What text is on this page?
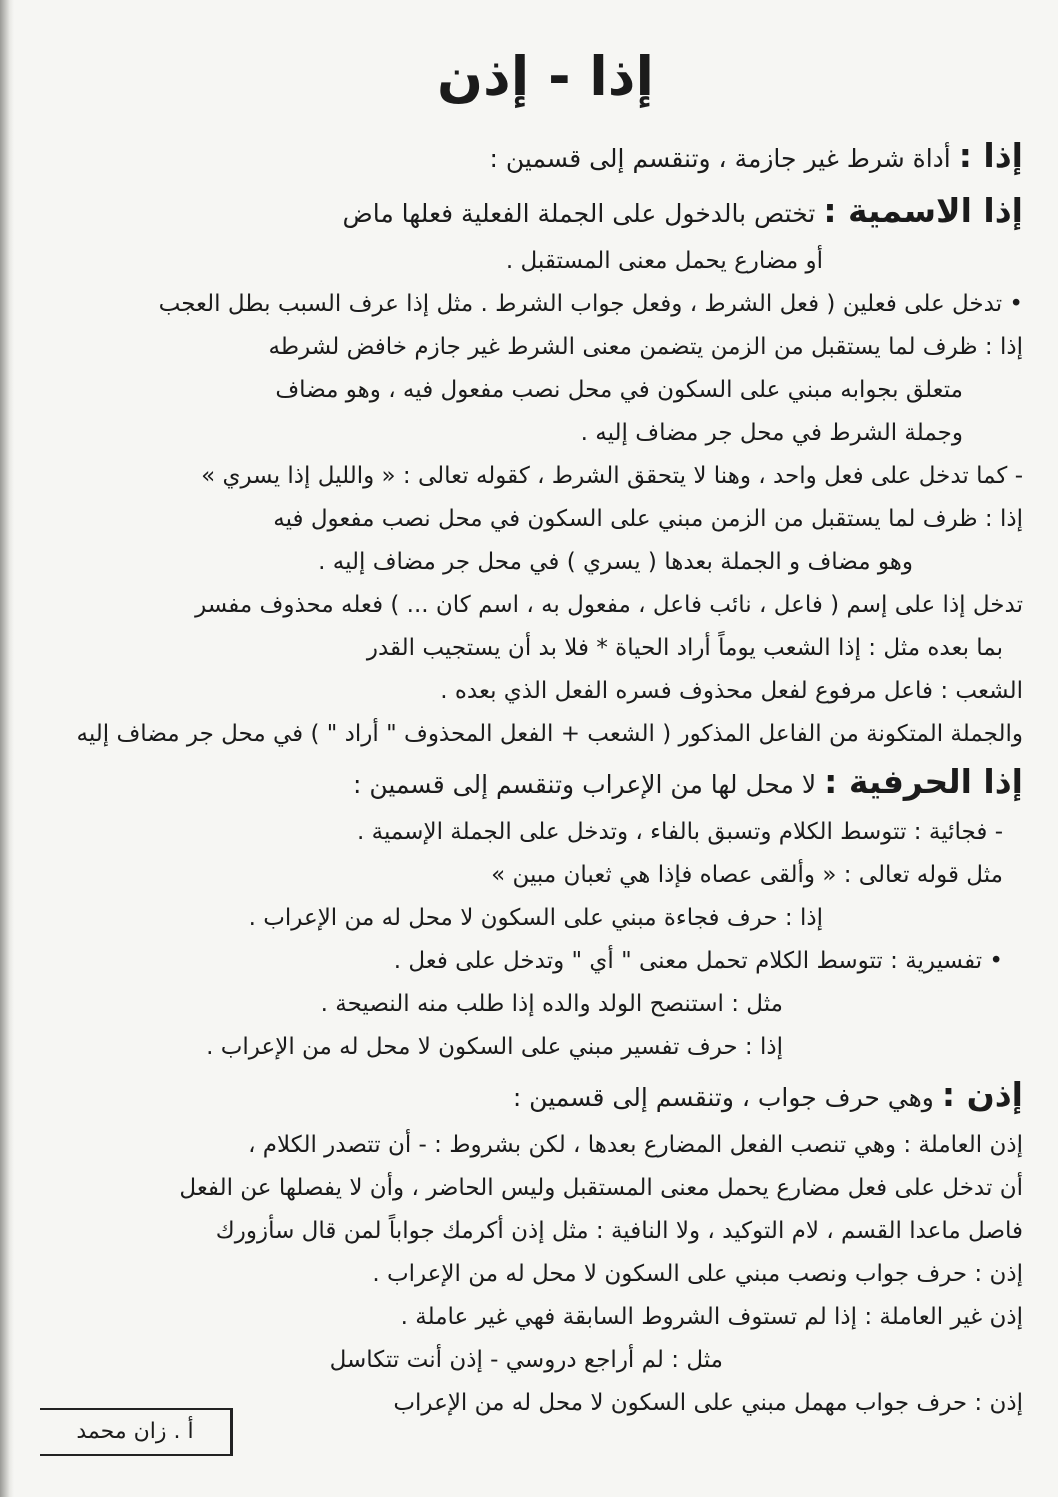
إذا - إذن
إذا :أداة شرط غير جازمة ، وتنقسم إلى قسمين :
إذا الاسمية :تختص بالدخول على الجملة الفعلية فعلها ماض
أو مضارع يحمل معنى المستقبل .
• تدخل على فعلين ( فعل الشرط ، وفعل جواب الشرط . مثل إذا عرف السبب بطل العجب
إذا : ظرف لما يستقبل من الزمن يتضمن معنى الشرط غير جازم خافض لشرطه
متعلق بجوابه مبني على السكون في محل نصب مفعول فيه ، وهو مضاف
وجملة الشرط في محل جر مضاف إليه .
- كما تدخل على فعل واحد ، وهنا لا يتحقق الشرط ، كقوله تعالى : « والليل إذا يسري »
إذا : ظرف لما يستقبل من الزمن مبني على السكون في محل نصب مفعول فيه
وهو مضاف و الجملة بعدها ( يسري ) في محل جر مضاف إليه .
تدخل إذا على إسم ( فاعل ، نائب فاعل ، مفعول به ، اسم كان ... ) فعله محذوف مفسر
بما بعده مثل : إذا الشعب يوماً أراد الحياة * فلا بد أن يستجيب القدر
الشعب : فاعل مرفوع لفعل محذوف فسره الفعل الذي بعده .
والجملة المتكونة من الفاعل المذكور ( الشعب + الفعل المحذوف " أراد " ) في محل جر مضاف إليه
إذا الحرفية :لا محل لها من الإعراب وتنقسم إلى قسمين :
- فجائية : تتوسط الكلام وتسبق بالفاء ، وتدخل على الجملة الإسمية .
مثل قوله تعالى : « وألقى عصاه فإذا هي ثعبان مبين »
إذا : حرف فجاءة مبني على السكون لا محل له من الإعراب .
• تفسيرية : تتوسط الكلام تحمل معنى " أي " وتدخل على فعل .
مثل : استنصح الولد والده إذا طلب منه النصيحة .
إذا : حرف تفسير مبني على السكون لا محل له من الإعراب .
إذن :وهي حرف جواب ، وتنقسم إلى قسمين :
إذن العاملة : وهي تنصب الفعل المضارع بعدها ، لكن بشروط : - أن تتصدر الكلام ،
أن تدخل على فعل مضارع يحمل معنى المستقبل وليس الحاضر ، وأن لا يفصلها عن الفعل
فاصل ماعدا القسم ، لام التوكيد ، ولا النافية : مثل إذن أكرمك جواباً لمن قال سأزورك
إذن : حرف جواب ونصب مبني على السكون لا محل له من الإعراب .
إذن غير العاملة : إذا لم تستوف الشروط السابقة فهي غير عاملة .
مثل : لم أراجع دروسي - إذن أنت تتكاسل
إذن : حرف جواب مهمل مبني على السكون لا محل له من الإعراب
أ . زان محمد
